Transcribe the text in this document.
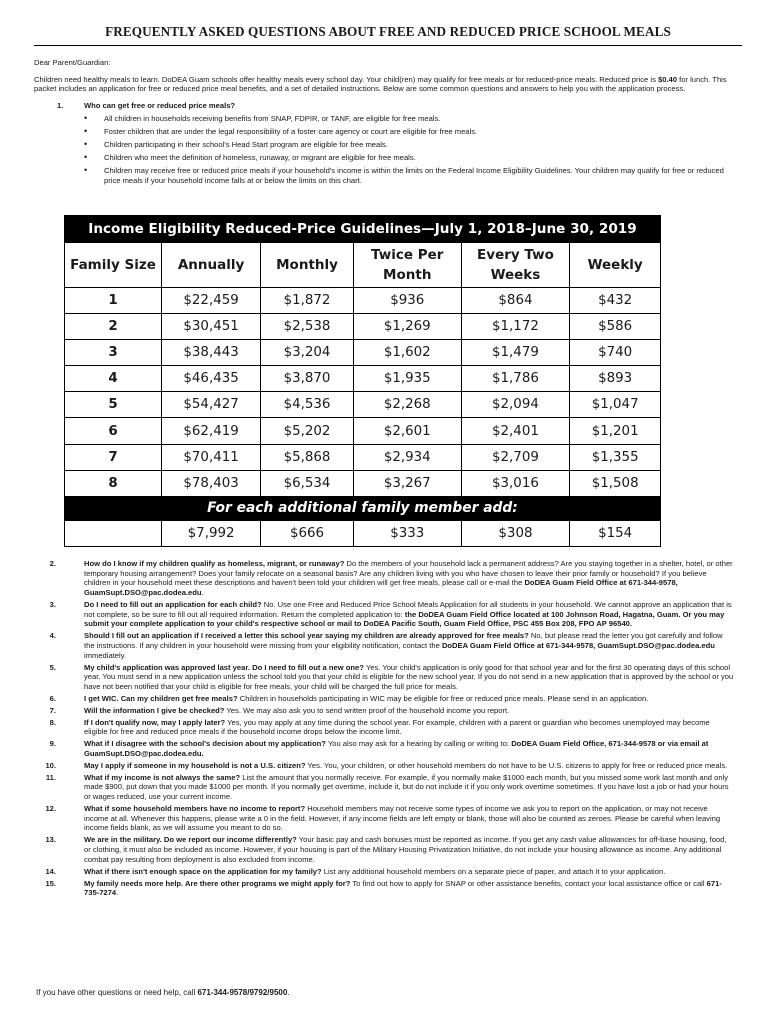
FREQUENTLY ASKED QUESTIONS ABOUT FREE AND REDUCED PRICE SCHOOL MEALS

Dear Parent/Guardian:

Children need healthy meals to learn. DoDEA Guam schools offer healthy meals every school day. Your child(ren) may qualify for free meals or for reduced-price meals. Reduced price is $0.40 for lunch. This packet includes an application for free or reduced price meal benefits, and a set of detailed instructions. Below are some common questions and answers to help you with the application process.

1.	Who can get free or reduced price meals?
• All children in households receiving benefits from SNAP, FDPIR, or TANF, are eligible for free meals.
• Foster children that are under the legal responsibility of a foster care agency or court are eligible for free meals.
• Children participating in their school's Head Start program are eligible for free meals.
• Children who meet the definition of homeless, runaway, or migrant are eligible for free meals.
• Children may receive free or reduced price meals if your household's income is within the limits on the Federal Income Eligibility Guidelines. Your children may qualify for free or reduced price meals if your household income falls at or below the limits on this chart.
Income Eligibility Reduced-Price Guidelines—July 1, 2018–June 30, 2019					
Family Size	Annually	Monthly	Twice Per Month	Every Two Weeks	Weekly
1	$22,459	$1,872	$936	$864	$432
2	$30,451	$2,538	$1,269	$1,172	$586
3	$38,443	$3,204	$1,602	$1,479	$740
4	$46,435	$3,870	$1,935	$1,786	$893
5	$54,427	$4,536	$2,268	$2,094	$1,047
6	$62,419	$5,202	$2,601	$2,401	$1,201
7	$70,411	$5,868	$2,934	$2,709	$1,355
8	$78,403	$6,534	$3,267	$3,016	$1,508
For each additional family member add:					
	$7,992	$666	$333	$308	$154
2.	How do I know if my children qualify as homeless, migrant, or runaway? Do the members of your household lack a permanent address? Are you staying together in a shelter, hotel, or other temporary housing arrangement? Does your family relocate on a seasonal basis? Are any children living with you who have chosen to leave their prior family or household? If you believe children in your household meet these descriptions and haven't been told your children will get free meals, please call or e-mail the DoDEA Guam Field Office at 671-344-9578, GuamSupt.DSO@pac.dodea.edu.
3.	Do I need to fill out an application for each child? No. Use one Free and Reduced Price School Meals Application for all students in your household. We cannot approve an application that is not complete, so be sure to fill out all required information. Return the completed application to: the DoDEA Guam Field Office located at 100 Johnson Road, Hagatna, Guam. Or you may submit your complete application to your child's respective school or mail to DoDEA Pacific South, Guam Field Office, PSC 455 Box 208, FPO AP 96540.
4.	Should I fill out an application if I received a letter this school year saying my children are already approved for free meals? No, but please read the letter you got carefully and follow the instructions. If any children in your household were missing from your eligibility notification, contact the DoDEA Guam Field Office at 671-344-9578, GuamSupt.DSO@pac.dodea.edu immediately.
5.	My child's application was approved last year. Do I need to fill out a new one? Yes. Your child's application is only good for that school year and for the first 30 operating days of this school year. You must send in a new application unless the school told you that your child is eligible for the new school year. If you do not send in a new application that is approved by the school or you have not been notified that your child is eligible for free meals, your child will be charged the full price for meals.
6.	I get WIC. Can my children get free meals? Children in households participating in WIC may be eligible for free or reduced price meals. Please send in an application.
7.	Will the information I give be checked? Yes. We may also ask you to send written proof of the household income you report.
8.	If I don't qualify now, may I apply later? Yes, you may apply at any time during the school year. For example, children with a parent or guardian who becomes unemployed may become eligible for free and reduced price meals if the household income drops below the income limit.
9.	What if I disagree with the school's decision about my application? You also may ask for a hearing by calling or writing to: DoDEA Guam Field Office, 671-344-9578 or via email at GuamSupt.DSO@pac.dodea.edu.
10.	May I apply if someone in my household is not a U.S. citizen? Yes. You, your children, or other household members do not have to be U.S. citizens to apply for free or reduced price meals.
11.	What if my income is not always the same? List the amount that you normally receive. For example, if you normally make $1000 each month, but you missed some work last month and only made $900, put down that you made $1000 per month. If you normally get overtime, include it, but do not include it if you only work overtime sometimes. If you have lost a job or had your hours or wages reduced, use your current income.
12.	What if some household members have no income to report? Household members may not receive some types of income we ask you to report on the application, or may not receive income at all. Whenever this happens, please write a 0 in the field. However, if any income fields are left empty or blank, those will also be counted as zeroes. Please be careful when leaving income fields blank, as we will assume you meant to do so.
13.	We are in the military. Do we report our income differently? Your basic pay and cash bonuses must be reported as income. If you get any cash value allowances for off-base housing, food, or clothing, it must also be included as income. However, if your housing is part of the Military Housing Privatization Initiative, do not include your housing allowance as income. Any additional combat pay resulting from deployment is also excluded from income.
14.	What if there isn't enough space on the application for my family? List any additional household members on a separate piece of paper, and attach it to your application.
15.	My family needs more help. Are there other programs we might apply for? To find out how to apply for SNAP or other assistance benefits, contact your local assistance office or call 671-735-7274.
If you have other questions or need help, call 671-344-9578/9792/9500.
